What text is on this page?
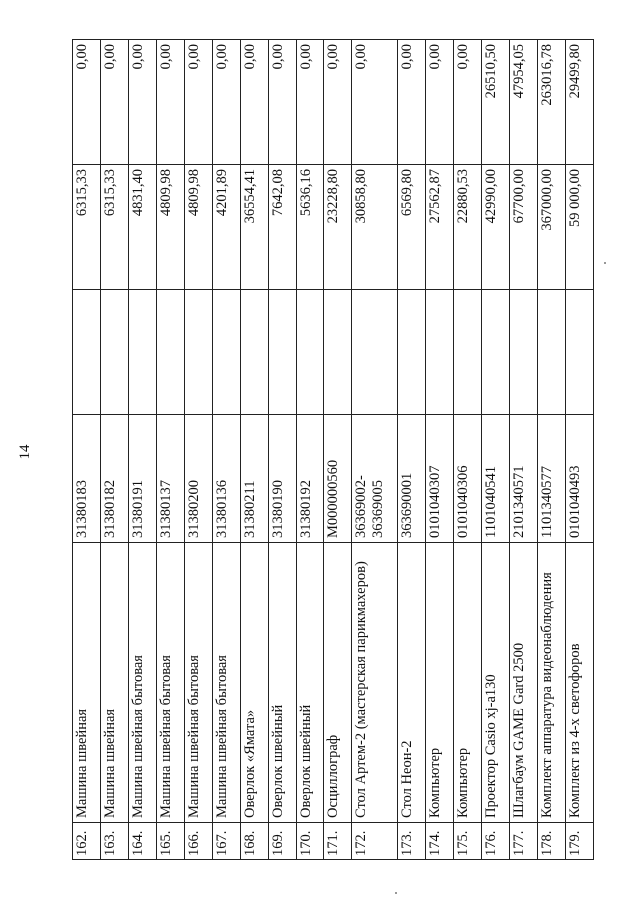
14
162.	Машина швейная	31380183		6315,33	0,00
163.	Машина швейная	31380182		6315,33	0,00
164.	Машина швейная бытовая	31380191		4831,40	0,00
165.	Машина швейная бытовая	31380137		4809,98	0,00
166.	Машина швейная бытовая	31380200		4809,98	0,00
167.	Машина швейная бытовая	31380136		4201,89	0,00
168.	Оверлок «Ямата»	31380211		36554,41	0,00
169.	Оверлок швейный	31380190		7642,08	0,00
170.	Оверлок швейный	31380192		5636,16	0,00
171.	Осциллограф	М000000560		23228,80	0,00
172.	Стол Артем-2 (мастерская парикмахеров)	36369002-
36369005		30858,80	0,00
173.	Стол Неон-2	363690001		6569,80	0,00
174.	Компьютер	0101040307		27562,87	0,00
175.	Компьютер	0101040306		22880,53	0,00
176.	Проектор Casio xj-a130	1101040541		42990,00	26510,50
177.	Шлагбаум GAME Gard 2500	2101340571		67700,00	47954,05
178.	Комплект аппаратура видеонаблюдения	1101340577		367000,00	263016,78
179.	Комплект из 4-х светофоров	0101040493		59 000,00	29499,80
